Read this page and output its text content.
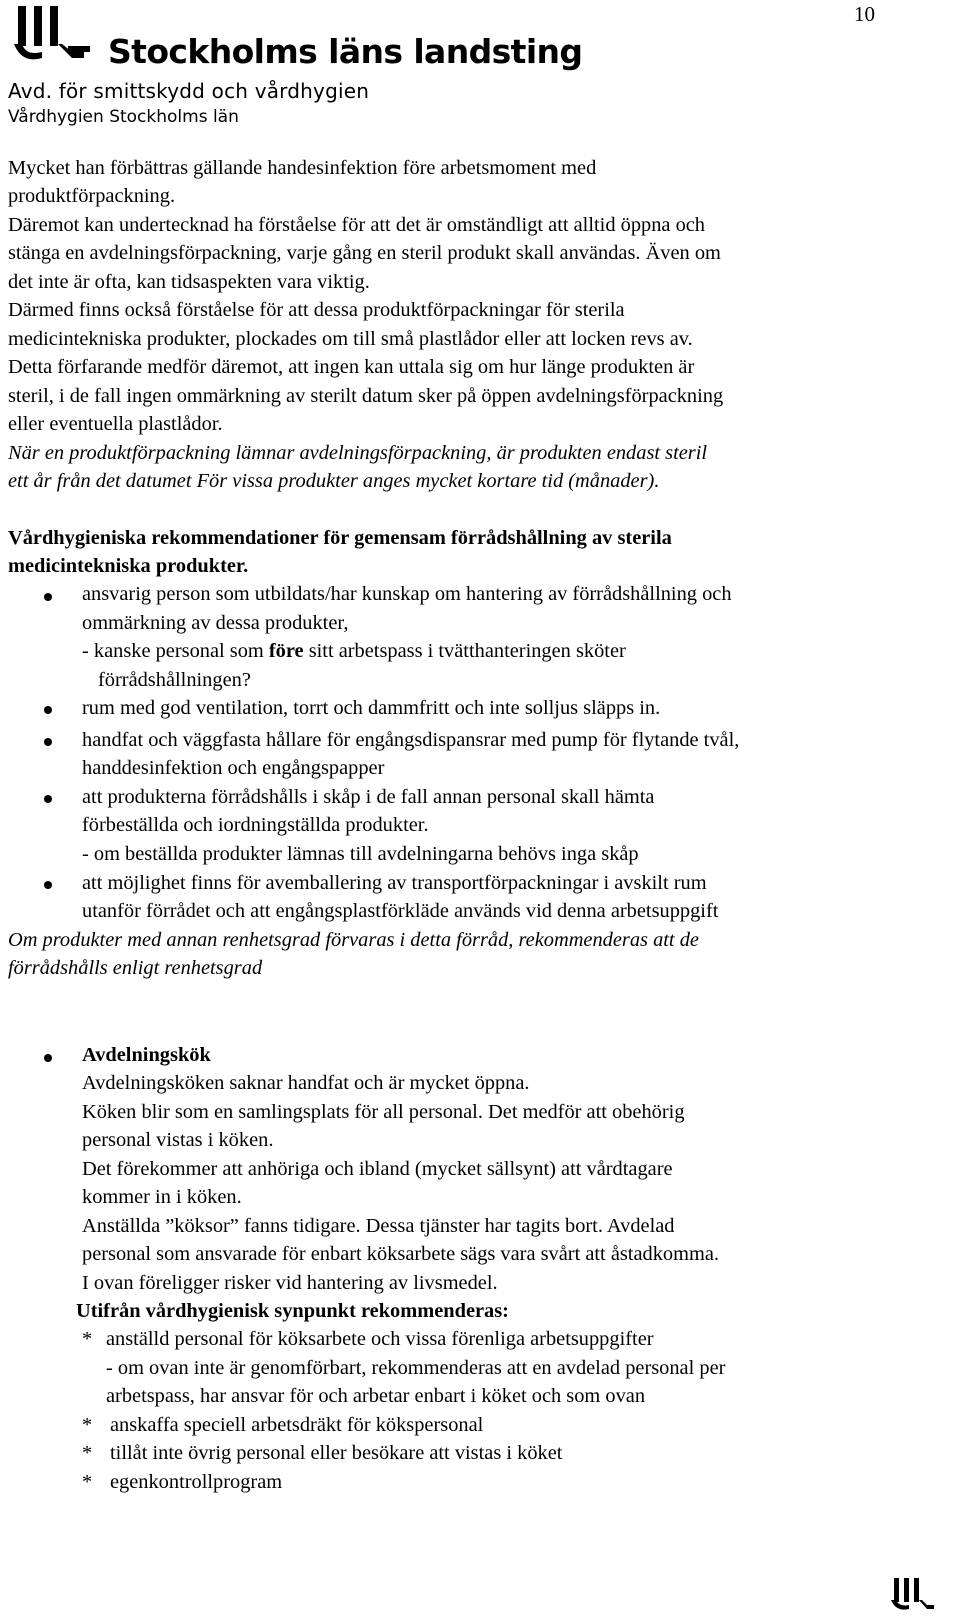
10
Stockholms läns landsting
Avd. för smittskydd och vårdhygien
Vårdhygien Stockholms län
Mycket han förbättras gällande handesinfektion före arbetsmoment med
produktförpackning.
Däremot kan undertecknad ha förståelse för att det är omständligt att alltid öppna och
stänga en avdelningsförpackning, varje gång en steril produkt skall användas. Även om
det inte är ofta, kan tidsaspekten vara viktig.
Därmed finns också förståelse för att dessa produktförpackningar för sterila
medicintekniska produkter, plockades om till små plastlådor eller att locken revs av.
Detta förfarande medför däremot, att ingen kan uttala sig om hur länge produkten är
steril, i de fall ingen ommärkning av sterilt datum sker på öppen avdelningsförpackning
eller eventuella plastlådor.
När en produktförpackning lämnar avdelningsförpackning, är produkten endast steril
ett år från det datumet För vissa produkter anges mycket kortare tid (månader).
Vårdhygieniska rekommendationer för gemensam förrådshållning av sterila
medicintekniska produkter.
ansvarig person som utbildats/har kunskap om hantering av förrådshållning och
ommärkning av dessa produkter,
- kanske personal som före sitt arbetspass i tvätthanteringen sköter
förrådshållningen?
rum med god ventilation, torrt och dammfritt och inte solljus släpps in.
handfat och väggfasta hållare för engångsdispansrar med pump för flytande tvål,
handdesinfektion och engångspapper
att produkterna förrådshålls i skåp i de fall annan personal skall hämta
förbeställda och iordningställda produkter.
- om beställda produkter lämnas till avdelningarna behövs inga skåp
att möjlighet finns för avemballering av transportförpackningar i avskilt rum
utanför förrådet och att engångsplastförkläde används vid denna arbetsuppgift
Om produkter med annan renhetsgrad förvaras i detta förråd, rekommenderas att de
förrådshålls enligt renhetsgrad
Avdelningskök
Avdelningsköken saknar handfat och är mycket öppna.
Köken blir som en samlingsplats för all personal. Det medför att obehörig
personal vistas i köken.
Det förekommer att anhöriga och ibland (mycket sällsynt) att vårdtagare
kommer in i köken.
Anställda ”köksor” fanns tidigare. Dessa tjänster har tagits bort. Avdelad
personal som ansvarade för enbart köksarbete sägs vara svårt att åstadkomma.
I ovan föreligger risker vid hantering av livsmedel.
Utifrån vårdhygienisk synpunkt rekommenderas:
* anställd personal för köksarbete och vissa förenliga arbetsuppgifter
- om ovan inte är genomförbart, rekommenderas att en avdelad personal per
arbetspass, har ansvar för och arbetar enbart i köket och som ovan
* anskaffa speciell arbetsdräkt för kökspersonal
* tillåt inte övrig personal eller besökare att vistas i köket
* egenkontrollprogram
